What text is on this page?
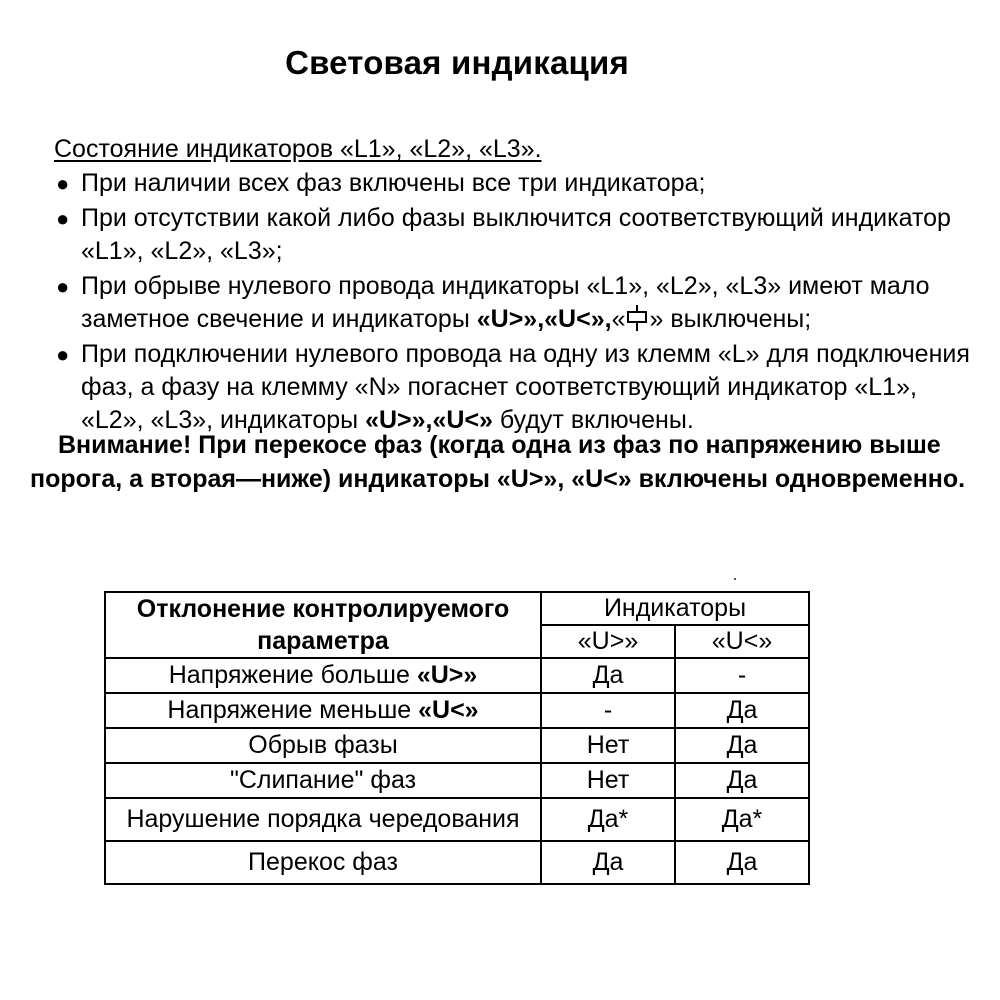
Световая индикация
Состояние индикаторов «L1», «L2», «L3».
● При наличии всех фаз включены все три индикатора;
● При отсутствии какой либо фазы выключится соответствующий индикатор «L1», «L2», «L3»;
● При обрыве нулевого провода индикаторы «L1», «L2», «L3» имеют мало заметное свечение и индикаторы «U>»,«U<»,« » выключены;
● При подключении нулевого провода на одну из клемм «L» для подключения фаз, а фазу на клемму «N» погаснет соответствующий индикатор «L1», «L2», «L3», индикаторы «U>»,«U<» будут включены.
Внимание! При перекосе фаз (когда одна из фаз по напряжению выше порога, а вторая—ниже) индикаторы «U>», «U<» включены одновременно.
Отклонение контролируемого параметра	Индикаторы	
	«U>»	«U<»
Напряжение больше «U>»	Да	-
Напряжение меньше «U<»	-	Да
Обрыв фазы	Нет	Да
"Слипание" фаз	Нет	Да
Нарушение порядка чередования	Да*	Да*
Перекос фаз	Да	Да
